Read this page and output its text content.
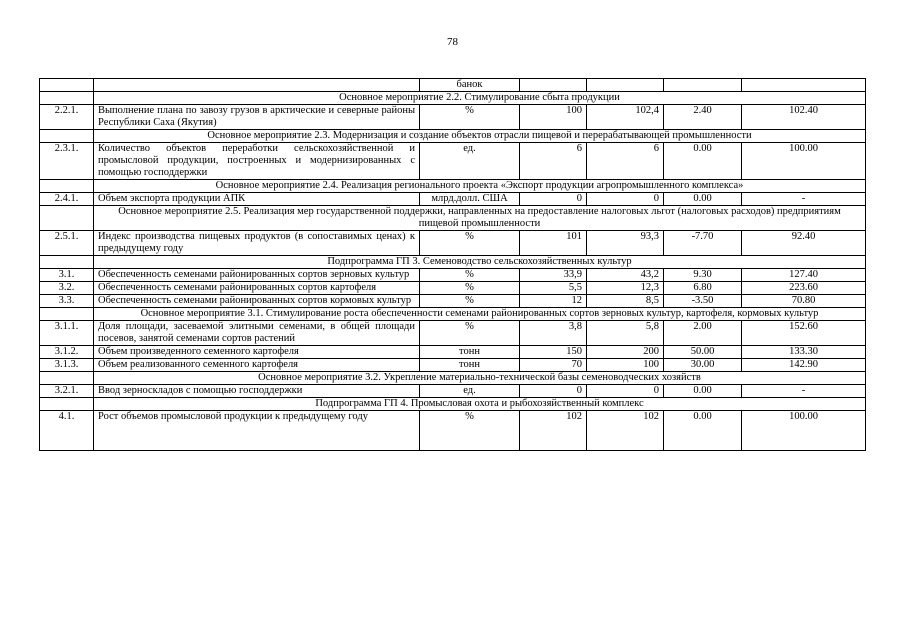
78
		банок				
	Основное мероприятие 2.2. Стимулирование сбыта продукции					
2.2.1.	Выполнение плана по завозу грузов в арктические и северные районы Республики Саха (Якутия)	%	100	102,4	2.40	102.40
	Основное мероприятие 2.3. Модернизация и создание объектов отрасли пищевой и перерабатывающей промышленности					
2.3.1.	Количество объектов переработки сельскохозяйственной и промысловой продукции, построенных и модернизированных с помощью господдержки	ед.	6	6	0.00	100.00
	Основное мероприятие 2.4. Реализация регионального проекта «Экспорт продукции агропромышленного комплекса»					
2.4.1.	Объем экспорта продукции АПК	млрд.долл. США	0	0	0.00	-
	Основное мероприятие 2.5. Реализация мер государственной поддержки, направленных на предоставление налоговых льгот (налоговых расходов) предприятиям пищевой промышленности					
2.5.1.	Индекс производства пищевых продуктов (в сопоставимых ценах) к предыдущему году	%	101	93,3	-7.70	92.40
	Подпрограмма ГП 3. Семеноводство сельскохозяйственных культур					
3.1.	Обеспеченность семенами районированных сортов зерновых культур	%	33,9	43,2	9.30	127.40
3.2.	Обеспеченность семенами районированных сортов картофеля	%	5,5	12,3	6.80	223.60
3.3.	Обеспеченность семенами районированных сортов кормовых культур	%	12	8,5	-3.50	70.80
	Основное мероприятие 3.1. Стимулирование роста обеспеченности семенами районированных сортов зерновых культур, картофеля, кормовых культур					
3.1.1.	Доля площади, засеваемой элитными семенами, в общей площади посевов, занятой семенами сортов растений	%	3,8	5,8	2.00	152.60
3.1.2.	Объем произведенного семенного картофеля	тонн	150	200	50.00	133.30
3.1.3.	Объем реализованного семенного картофеля	тонн	70	100	30.00	142.90
	Основное мероприятие 3.2. Укрепление материально-технической базы семеноводческих хозяйств					
3.2.1.	Ввод зерноскладов с помощью господдержки	ед.	0	0	0.00	-
	Подпрограмма ГП 4. Промысловая охота и рыбохозяйственный комплекс					
4.1.	Рост объемов промысловой продукции к предыдущему году	%	102	102	0.00	100.00
